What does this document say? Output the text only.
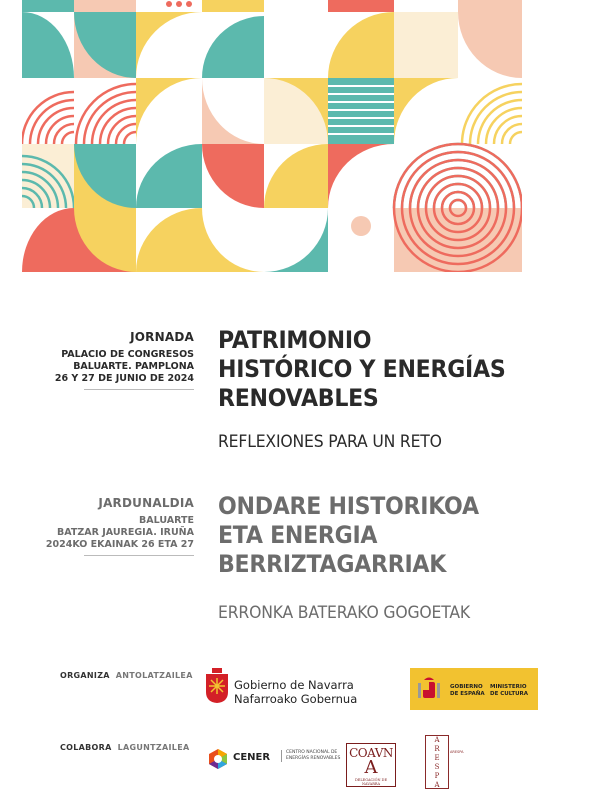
JORNADA
PALACIO DE CONGRESOS
BALUARTE. PAMPLONA
26 Y 27 DE JUNIO DE 2024
PATRIMONIO
HISTÓRICO Y ENERGÍAS
RENOVABLES
REFLEXIONES PARA UN RETO
JARDUNALDIA
BALUARTE
BATZAR JAUREGIA. IRUÑA
2024KO EKAINAK 26 ETA 27
ONDARE HISTORIKOA
ETA ENERGIA
BERRIZTAGARRIAK
ERRONKA BATERAKO GOGOETAK
ORGANIZA ANTOLATZAILEA
Gobierno de Navarra
Nafarroako Gobernua
GOBIERNO
DE ESPAÑA
MINISTERIO
DE CULTURA
COLABORA LAGUNTZAILEA
CENER	CENTRO NACIONAL DE
ENERGÍAS RENOVABLES COAVN
A
DELEGACIÓN DE NAVARRA
A
R
E
S
P
A
ARESPA
